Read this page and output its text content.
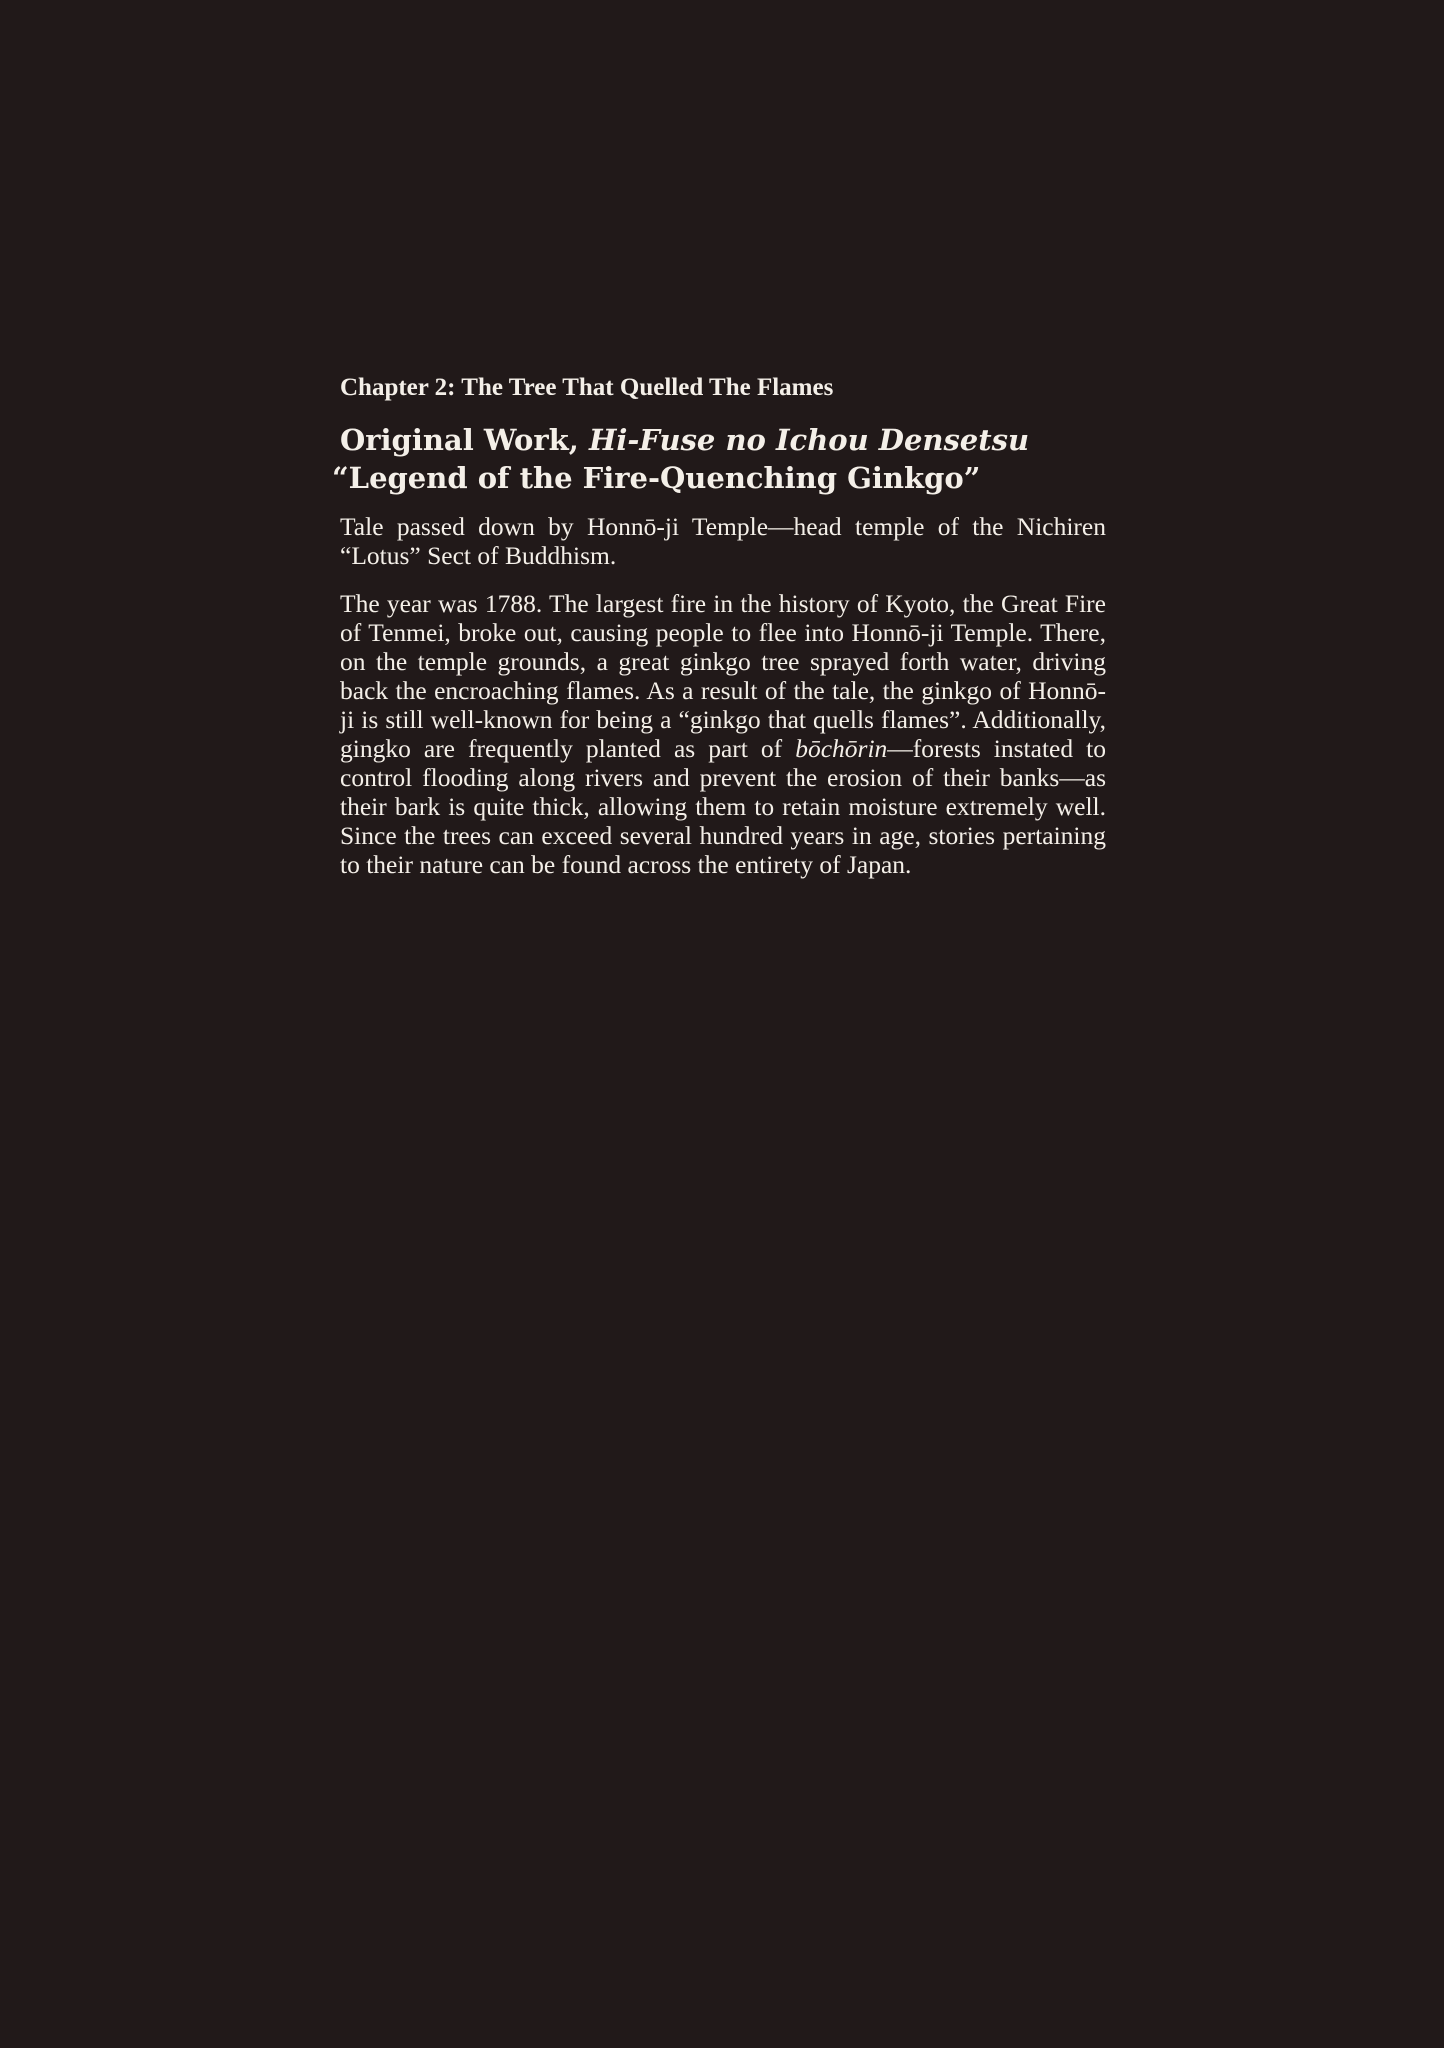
Chapter 2: The Tree That Quelled The Flames
Original Work, Hi-Fuse no Ichou Densetsu
“Legend of the Fire-Quenching Ginkgo”

Tale passed down by Honnō-ji Temple—head temple of the Nichiren “Lotus” Sect of Buddhism.

The year was 1788. The largest fire in the history of Kyoto, the Great Fire of Tenmei, broke out, causing people to flee into Honnō-ji Temple. There, on the temple grounds, a great ginkgo tree sprayed forth water, driving back the encroaching flames. As a result of the tale, the ginkgo of Honnō-ji is still well-known for being a “ginkgo that quells flames”. Additionally, gingko are frequently planted as part of bōchōrin—forests instated to control flooding along rivers and prevent the erosion of their banks—as their bark is quite thick, allowing them to retain moisture extremely well. Since the trees can exceed several hundred years in age, stories pertaining to their nature can be found across the entirety of Japan.
